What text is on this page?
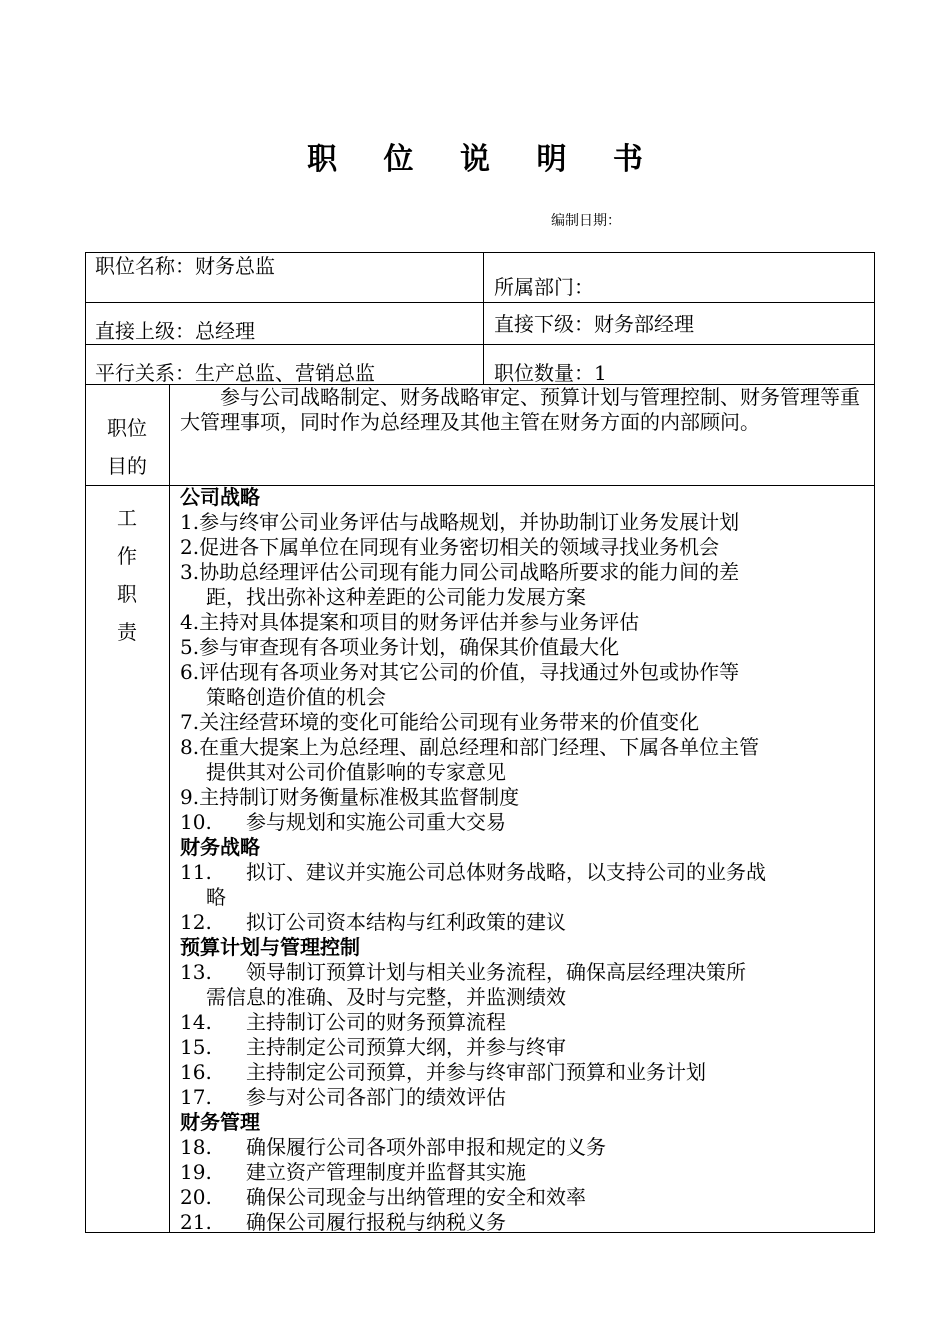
职 位 说 明 书
编制日期：
职位名称：财务总监
所属部门：
直接上级：总经理	直接下级：财务部经理
平行关系：生产总监、营销总监	职位数量：1
职位
目的
参与公司战略制定、财务战略审定、预算计划与管理控制、财务管理等重大管理事项，同时作为总经理及其他主管在财务方面的内部顾问。
工
作
职
责
公司战略
1.参与终审公司业务评估与战略规划，并协助制订业务发展计划
2.促进各下属单位在同现有业务密切相关的领域寻找业务机会
3.协助总经理评估公司现有能力同公司战略所要求的能力间的差
距，找出弥补这种差距的公司能力发展方案
4.主持对具体提案和项目的财务评估并参与业务评估
5.参与审查现有各项业务计划，确保其价值最大化
6.评估现有各项业务对其它公司的价值，寻找通过外包或协作等
策略创造价值的机会
7.关注经营环境的变化可能给公司现有业务带来的价值变化
8.在重大提案上为总经理、副总经理和部门经理、下属各单位主管
提供其对公司价值影响的专家意见
9.主持制订财务衡量标准极其监督制度
10. 参与规划和实施公司重大交易
财务战略
11. 拟订、建议并实施公司总体财务战略，以支持公司的业务战
略
12. 拟订公司资本结构与红利政策的建议
预算计划与管理控制
13. 领导制订预算计划与相关业务流程，确保高层经理决策所
需信息的准确、及时与完整，并监测绩效
14. 主持制订公司的财务预算流程
15. 主持制定公司预算大纲，并参与终审
16. 主持制定公司预算，并参与终审部门预算和业务计划
17. 参与对公司各部门的绩效评估
财务管理
18. 确保履行公司各项外部申报和规定的义务
19. 建立资产管理制度并监督其实施
20. 确保公司现金与出纳管理的安全和效率
21. 确保公司履行报税与纳税义务
